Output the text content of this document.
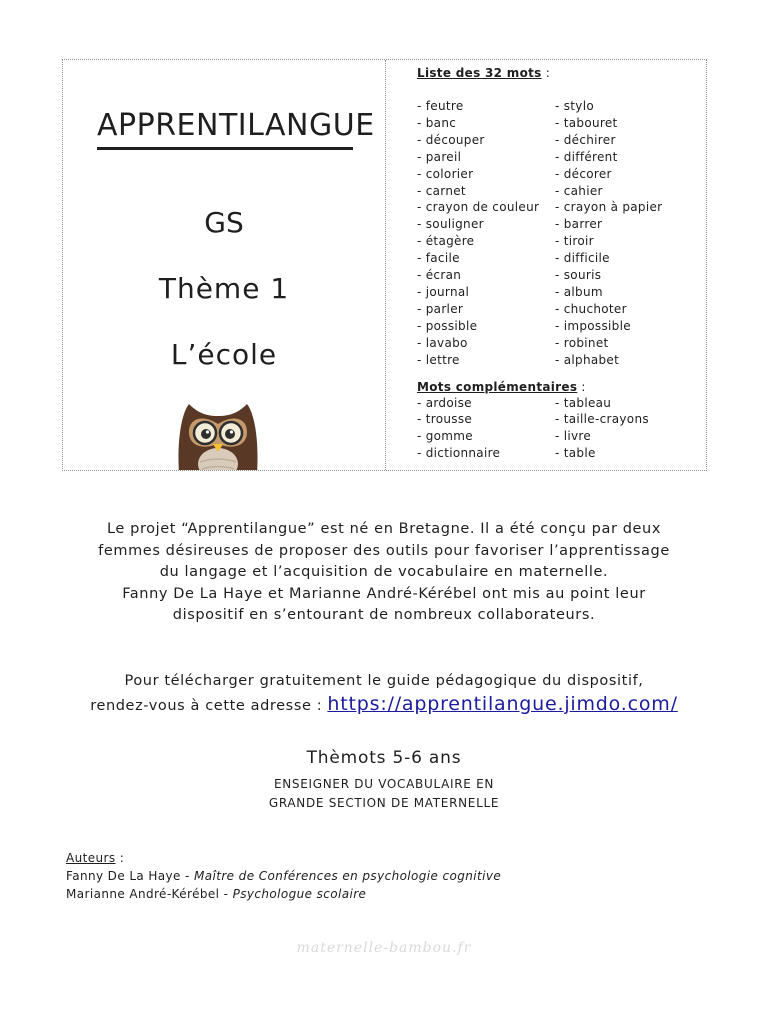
APPRENTILANGUE
GS
Thème 1
L’école
Liste des 32 mots :
- feutre	- stylo
- banc	- tabouret
- découper	- déchirer
- pareil	- différent
- colorier	- décorer
- carnet	- cahier
- crayon de couleur	- crayon à papier
- souligner	- barrer
- étagère	- tiroir
- facile	- difficile
- écran	- souris
- journal	- album
- parler	- chuchoter
- possible	- impossible
- lavabo	- robinet
- lettre	- alphabet
Mots complémentaires :
- ardoise	- tableau
- trousse	- taille-crayons
- gomme	- livre
- dictionnaire	- table
Le projet “Apprentilangue” est né en Bretagne. Il a été conçu par deux
femmes désireuses de proposer des outils pour favoriser l’apprentissage
du langage et l’acquisition de vocabulaire en maternelle.
Fanny De La Haye et Marianne André-Kérébel ont mis au point leur
dispositif en s’entourant de nombreux collaborateurs.
Pour télécharger gratuitement le guide pédagogique du dispositif,
rendez-vous à cette adresse : https://apprentilangue.jimdo.com/
Thèmots 5-6 ans
ENSEIGNER DU VOCABULAIRE EN
GRANDE SECTION DE MATERNELLE
Auteurs :
Fanny De La Haye - Maître de Conférences en psychologie cognitive
Marianne André-Kérébel - Psychologue scolaire
maternelle-bambou.fr
